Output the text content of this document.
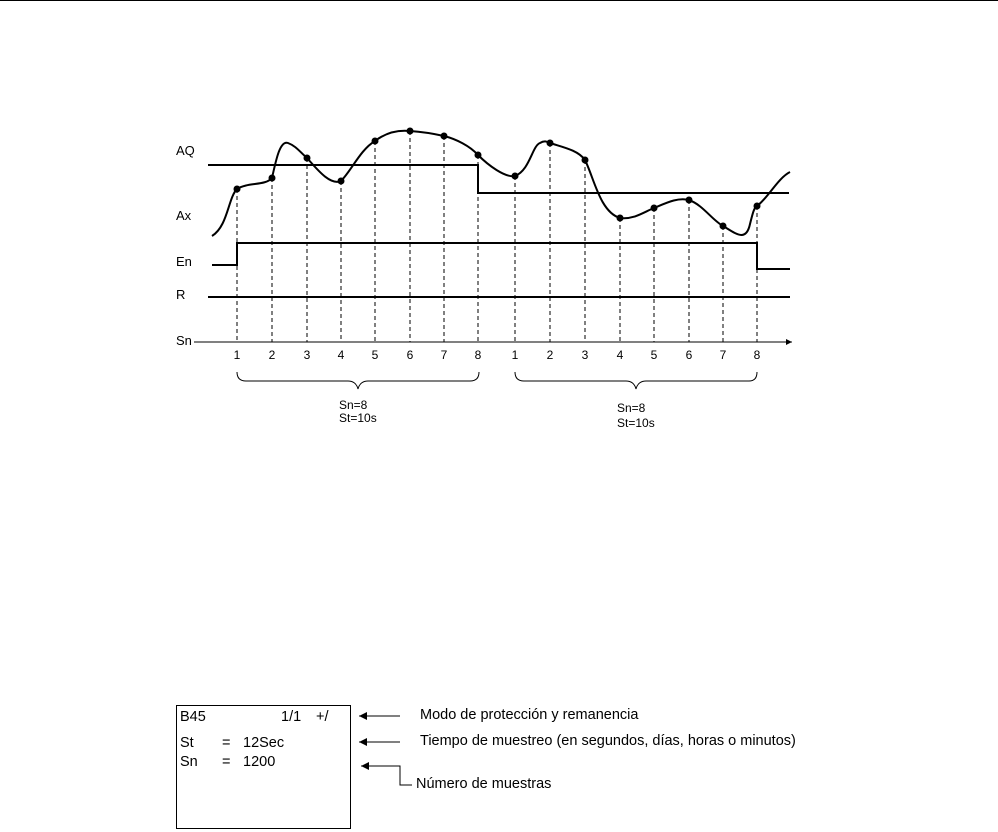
AQ
Ax
En
R
Sn
1 2 3 4 5 6 7 8	1 2 3 4 5 6 7 8
Sn=8
St=10s
Sn=8
St=10s
B45	1/1 +/
St = 12Sec
Sn = 1200
Modo de protección y remanencia
Tiempo de muestreo (en segundos, días, horas o minutos)
Número de muestras
